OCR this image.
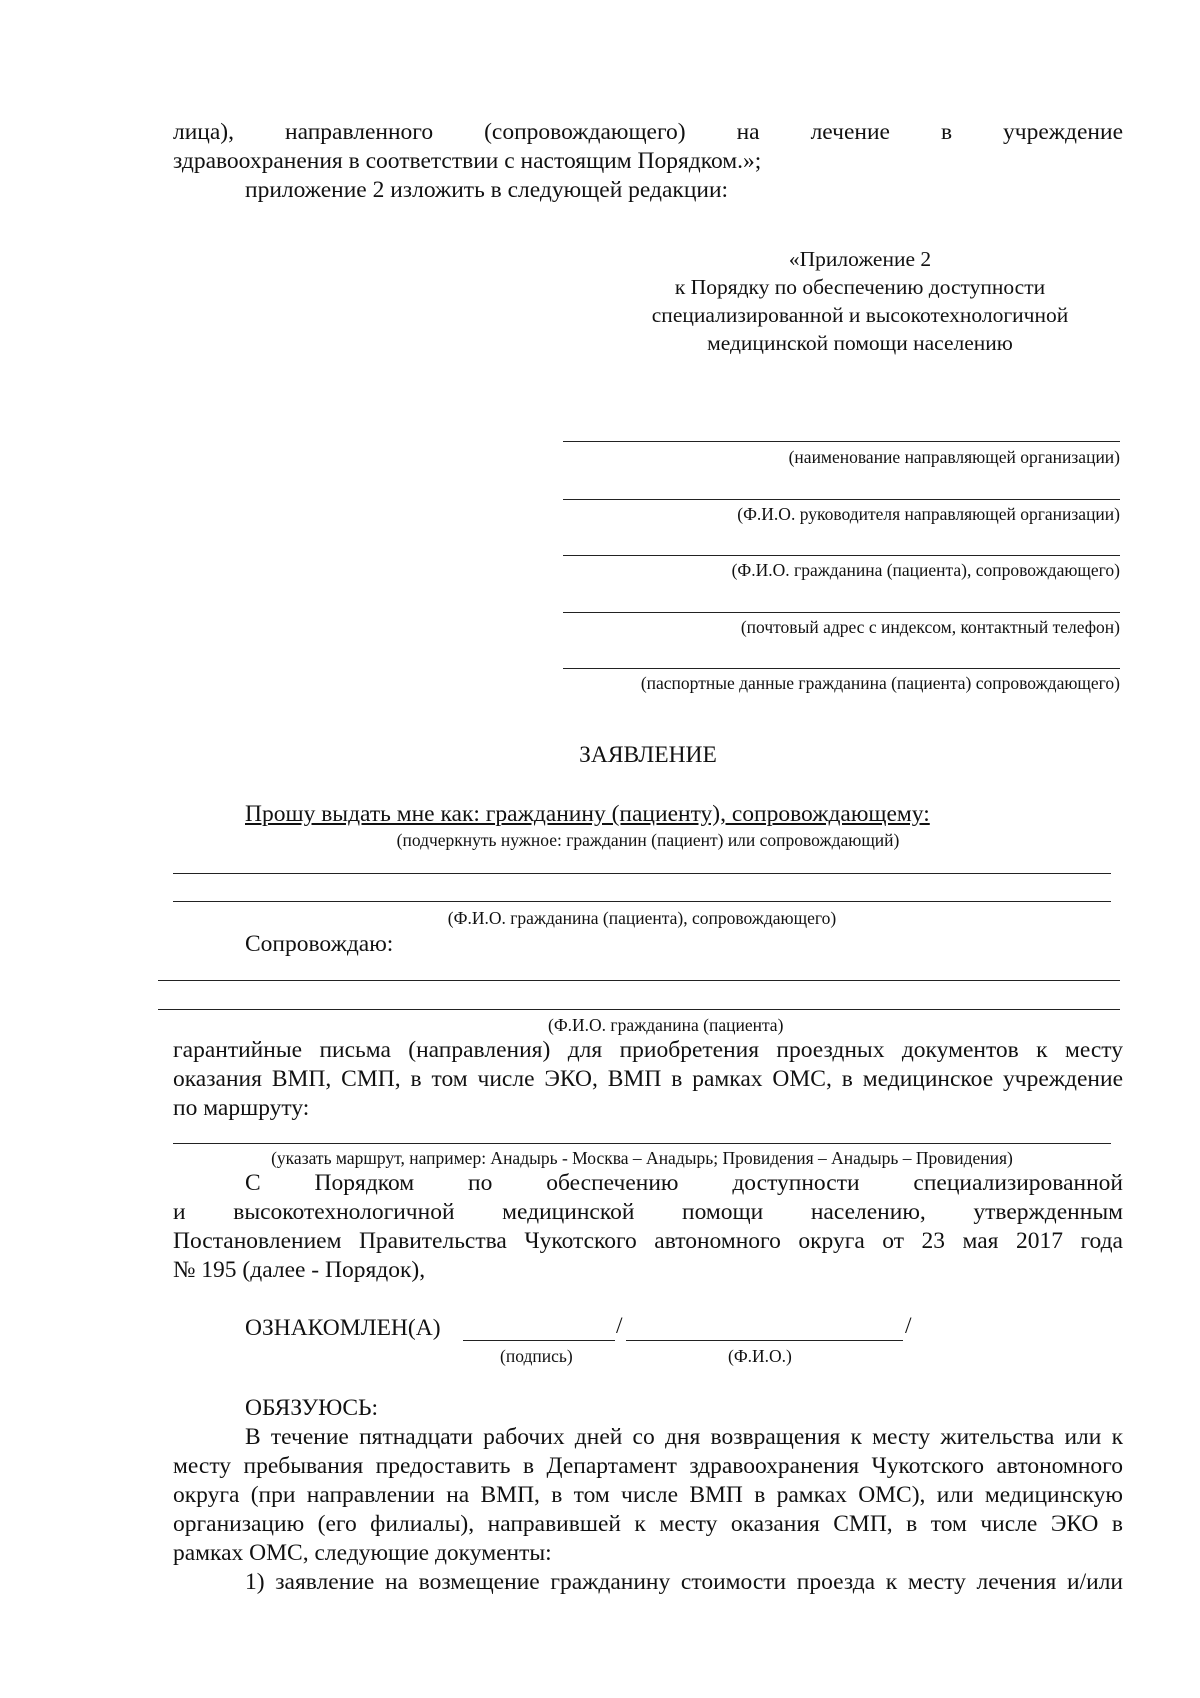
лица), направленного (сопровождающего) на лечение в учреждение
здравоохранения в соответствии с настоящим Порядком.»;
приложение 2 изложить в следующей редакции:
«Приложение 2
к Порядку по обеспечению доступности
специализированной и высокотехнологичной
медицинской помощи населению
(наименование направляющей организации)
(Ф.И.О. руководителя направляющей организации)
(Ф.И.О. гражданина (пациента), сопровождающего)
(почтовый адрес с индексом, контактный телефон)
(паспортные данные гражданина (пациента) сопровождающего)
ЗАЯВЛЕНИЕ
Прошу выдать мне как: гражданину (пациенту), сопровождающему:
(подчеркнуть нужное: гражданин (пациент) или сопровождающий)
(Ф.И.О. гражданина (пациента), сопровождающего)
Сопровождаю:
(Ф.И.О. гражданина (пациента)
гарантийные письма (направления) для приобретения проездных документов к месту
оказания ВМП, СМП, в том числе ЭКО, ВМП в рамках ОМС, в медицинское учреждение
по маршруту:
(указать маршрут, например: Анадырь - Москва – Анадырь; Провидения – Анадырь – Провидения)
С Порядком по обеспечению доступности специализированной
и высокотехнологичной медицинской помощи населению, утвержденным
Постановлением Правительства Чукотского автономного округа от 23 мая 2017 года
№ 195 (далее - Порядок),
ОЗНАКОМЛЕН(А)	/	/
(подпись)	(Ф.И.О.)
ОБЯЗУЮСЬ:
В течение пятнадцати рабочих дней со дня возвращения к месту жительства или к
месту пребывания предоставить в Департамент здравоохранения Чукотского автономного
округа (при направлении на ВМП, в том числе ВМП в рамках ОМС), или медицинскую
организацию (его филиалы), направившей к месту оказания СМП, в том числе ЭКО в
рамках ОМС, следующие документы:
1) заявление на возмещение гражданину стоимости проезда к месту лечения и/или
